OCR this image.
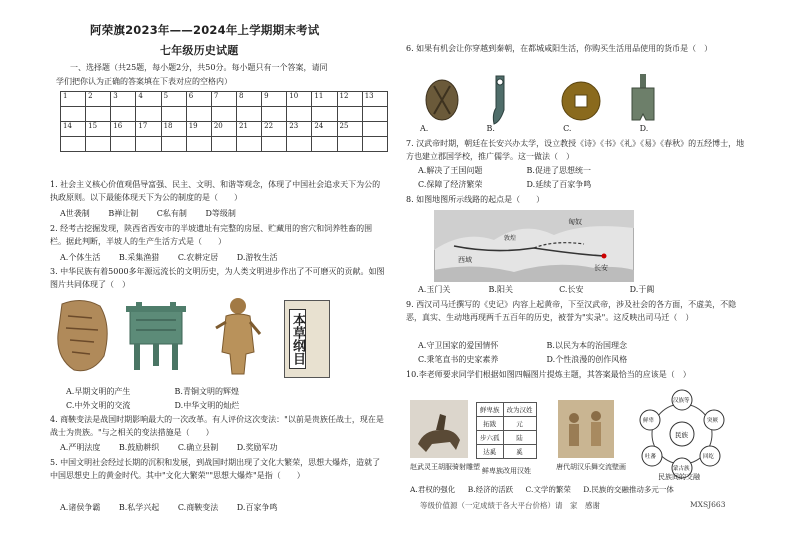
阿荣旗2023年——2024年上学期期末考试
七年级历史试题
一、选择题（共25题，每小题2分，共50分。每小题只有一个答案，请同
学们把你认为正确的答案填在下表对应的空格内）
1	2	3	4	5	6	7	8	9	10	11	12	13

14	15	16	17	18	19	20	21	22	23	24	25	

1. 社会主义核心价值观倡导富强、民主、文明、和谐等观念，体现了中国社会追求天下为公的执政原则。以下最能体现天下为公的制度的是（　　）
A世袭制 B禅让制 C私有制 D等级制
2. 经考古挖掘发现，陕西省西安市的半坡遗址有完整的房屋、贮藏用的窖穴和饲养牲畜的围栏。据此判断，半坡人的生产生活方式是（　　）
A.个体生活 B.采集渔猎 C.农耕定居 D.游牧生活
3. 中华民族有着5000多年源远流长的文明历史，为人类文明进步作出了不可磨灭的贡献。如图图片共同体现了（　）
本草纲目
A.早期文明的产生	B.青铜文明的辉煌
C.中外文明的交流	D.中华文明的灿烂
4. 商鞅变法是战国时期影响最大的一次改革。有人评价这次变法："以前是贵族任战士，现在是战士为贵族。"与之相关的变法措施是（　　）
A.严明法度 B.鼓励耕织 C.确立县制 D.奖励军功
5. 中国文明社会经过长期的沉积和发展，到战国时期出现了文化大繁荣，思想大爆炸，造就了中国思想史上的黄金时代。其中"文化大繁荣""思想大爆炸"是指（　　）
A.诸侯争霸 B.私学兴起 C.商鞅变法 D.百家争鸣
6. 如果有机会让你穿越到秦朝，在都城咸阳生活，你购买生活用品使用的货币是（　）
A.	B.	C.	D.
7. 汉武帝时期，朝廷在长安兴办太学，设立教授《诗》《书》《礼》《易》《春秋》的五经博士，地方也建立郡国学校，推广儒学。这一做法（　）
A.解决了王国问题	B.促进了思想统一
C.保障了经济繁荣	D.延续了百家争鸣
8. 如图地图所示线路的起点是（　　）
匈奴
长安
敦煌
西域
A.玉门关	B.阳关	C.长安	D.于阗
9. 西汉司马迁撰写的《史记》内容上起黄帝，下至汉武帝，涉及社会的各方面，不虚美，不隐恶，真实、生动地再现两千五百年的历史，被誉为"实录"。这反映出司马迁（　）
A.守卫国家的爱国情怀	B.以民为本的治国理念
C.秉笔直书的史家素养	D.个性浪漫的创作风格
10.李老师要求同学们根据如图四幅图片提炼主题，其答案最恰当的应该是（　）
鲜卑族	改为汉姓
拓跋	元
步六孤	陆
达奚	奚
民族
汉族等
突厥
回纥
蒙古族
吐蕃
鲜卑
赵武灵王胡服骑射雕塑 鲜卑族改用汉姓	唐代胡汉乐舞交流壁画
民族间的交融
A.君权的强化 B.经济的活跃 C.文学的繁荣 D.民族的交融推动多元一体
等级价值源（一定成绩于各大平台价格）请　家　感谢	MXSJ663
